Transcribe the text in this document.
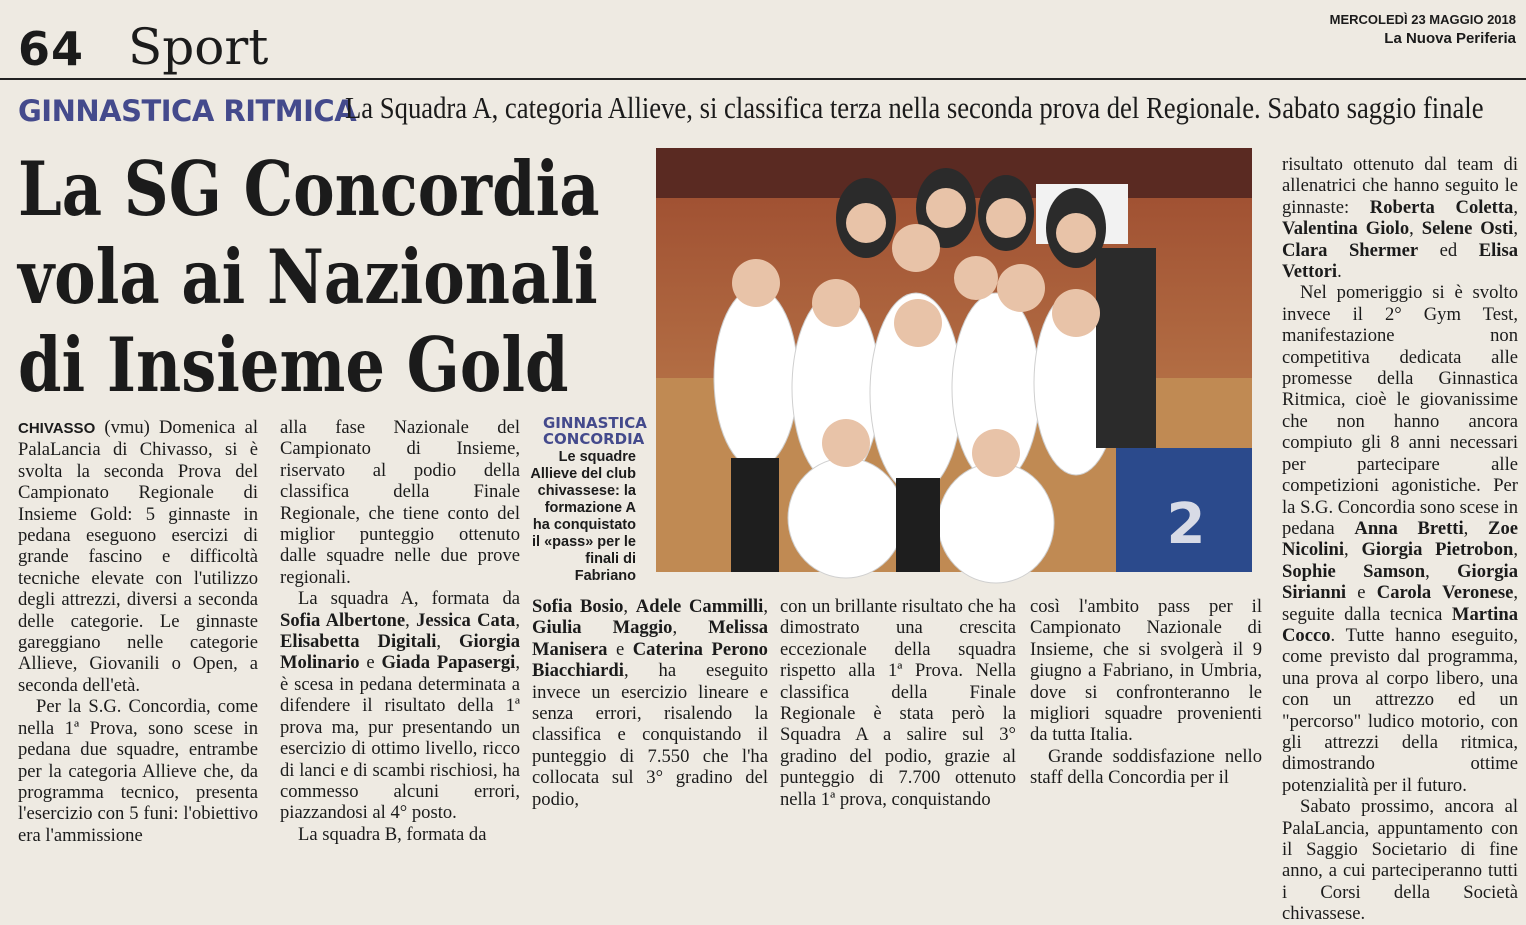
64 Sport	MERCOLEDÌ 23 MAGGIO 2018
La Nuova Periferia
GINNASTICA RITMICA
La Squadra A, categoria Allieve, si classifica terza nella seconda prova del Regionale. Sabato saggio finale
La SG Concordia
vola ai Nazionali
di Insieme Gold
2
GINNASTICA
CONCORDIA
Le squadre Allieve del club chivassese: la formazione A ha conquistato il «pass» per le finali di Fabriano

CHIVASSO (vmu) Domenica al PalaLancia di Chivasso, si è svolta la seconda Prova del Campionato Regionale di Insieme Gold: 5 ginnaste in pedana eseguono esercizi di grande fascino e difficoltà tecniche elevate con l'utilizzo degli attrezzi, diversi a seconda delle categorie. Le ginnaste gareggiano nelle categorie Allieve, Giovanili o Open, a seconda dell'età.

Per la S.G. Concordia, come nella 1ª Prova, sono scese in pedana due squadre, entrambe per la categoria Allieve che, da programma tecnico, presenta l'esercizio con 5 funi: l'obiettivo era l'ammissione

alla fase Nazionale del Campionato di Insieme, riservato al podio della classifica della Finale Regionale, che tiene conto del miglior punteggio ottenuto dalle squadre nelle due prove regionali.

La squadra A, formata da Sofia Albertone, Jessica Cata, Elisabetta Digitali, Giorgia Molinario e Giada Papasergi, è scesa in pedana determinata a difendere il risultato della 1ª prova ma, pur presentando un esercizio di ottimo livello, ricco di lanci e di scambi rischiosi, ha commesso alcuni errori, piazzandosi al 4° posto.

La squadra B, formata da

Sofia Bosio, Adele Cammilli, Giulia Maggio, Melissa Manisera e Caterina Perono Biacchiardi, ha eseguito invece un esercizio lineare e senza errori, risalendo la classifica e conquistando il punteggio di 7.550 che l'ha collocata sul 3° gradino del podio,

con un brillante risultato che ha dimostrato una crescita eccezionale della squadra rispetto alla 1ª Prova. Nella classifica della Finale Regionale è stata però la Squadra A a salire sul 3° gradino del podio, grazie al punteggio di 7.700 ottenuto nella 1ª prova, conquistando

così l'ambito pass per il Campionato Nazionale di Insieme, che si svolgerà il 9 giugno a Fabriano, in Umbria, dove si confronteranno le migliori squadre provenienti da tutta Italia.

Grande soddisfazione nello staff della Concordia per il

risultato ottenuto dal team di allenatrici che hanno seguito le ginnaste: Roberta Coletta, Valentina Giolo, Selene Osti, Clara Shermer ed Elisa Vettori.

Nel pomeriggio si è svolto invece il 2° Gym Test, manifestazione non competitiva dedicata alle promesse della Ginnastica Ritmica, cioè le giovanissime che non hanno ancora compiuto gli 8 anni necessari per partecipare alle competizioni agonistiche. Per la S.G. Concordia sono scese in pedana Anna Bretti, Zoe Nicolini, Giorgia Pietrobon, Sophie Samson, Giorgia Sirianni e Carola Veronese, seguite dalla tecnica Martina Cocco. Tutte hanno eseguito, come previsto dal programma, una prova al corpo libero, una con un attrezzo ed un "percorso" ludico motorio, con gli attrezzi della ritmica, dimostrando ottime potenzialità per il futuro.

Sabato prossimo, ancora al PalaLancia, appuntamento con il Saggio Societario di fine anno, a cui parteciperanno tutti i Corsi della Società chivassese.
